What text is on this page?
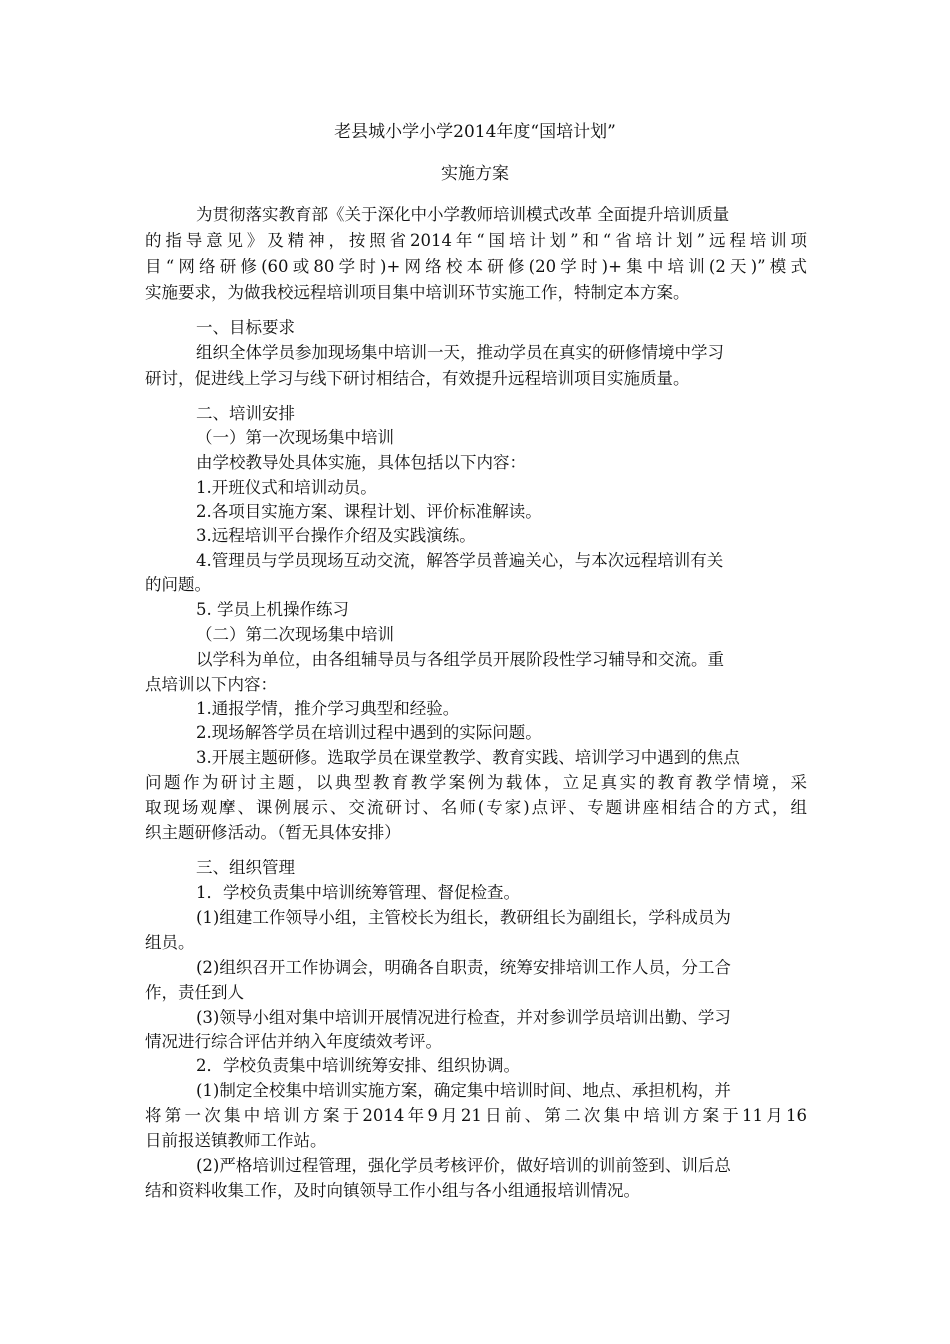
老县城小学小学2014年度“国培计划”
实施方案
为贯彻落实教育部《关于深化中小学教师培训模式改革 全面提升培训质量
的指导意见》及精神，按照省2014年“国培计划”和“省培计划”远程培训项
目“网络研修(60或80学时)+网络校本研修(20学时)+集中培训(2天)”模式
实施要求，为做我校远程培训项目集中培训环节实施工作，特制定本方案。
一、目标要求
组织全体学员参加现场集中培训一天，推动学员在真实的研修情境中学习
研讨，促进线上学习与线下研讨相结合，有效提升远程培训项目实施质量。
二、培训安排
（一）第一次现场集中培训
由学校教导处具体实施，具体包括以下内容：
1.开班仪式和培训动员。
2.各项目实施方案、课程计划、评价标准解读。
3.远程培训平台操作介绍及实践演练。
4.管理员与学员现场互动交流，解答学员普遍关心，与本次远程培训有关
的问题。
5. 学员上机操作练习
（二）第二次现场集中培训
以学科为单位，由各组辅导员与各组学员开展阶段性学习辅导和交流。重
点培训以下内容：
1.通报学情，推介学习典型和经验。
2.现场解答学员在培训过程中遇到的实际问题。
3.开展主题研修。选取学员在课堂教学、教育实践、培训学习中遇到的焦点
问题作为研讨主题，以典型教育教学案例为载体，立足真实的教育教学情境，采
取现场观摩、课例展示、交流研讨、名师(专家)点评、专题讲座相结合的方式，组
织主题研修活动。（暂无具体安排）
三、组织管理
1．学校负责集中培训统筹管理、督促检查。
(1)组建工作领导小组，主管校长为组长，教研组长为副组长，学科成员为
组员。
(2)组织召开工作协调会，明确各自职责，统筹安排培训工作人员，分工合
作，责任到人
(3)领导小组对集中培训开展情况进行检查，并对参训学员培训出勤、学习
情况进行综合评估并纳入年度绩效考评。
2．学校负责集中培训统筹安排、组织协调。
(1)制定全校集中培训实施方案，确定集中培训时间、地点、承担机构，并
将第一次集中培训方案于2014年9月21日前、第二次集中培训方案于11月16
日前报送镇教师工作站。
(2)严格培训过程管理，强化学员考核评价，做好培训的训前签到、训后总
结和资料收集工作，及时向镇领导工作小组与各小组通报培训情况。
